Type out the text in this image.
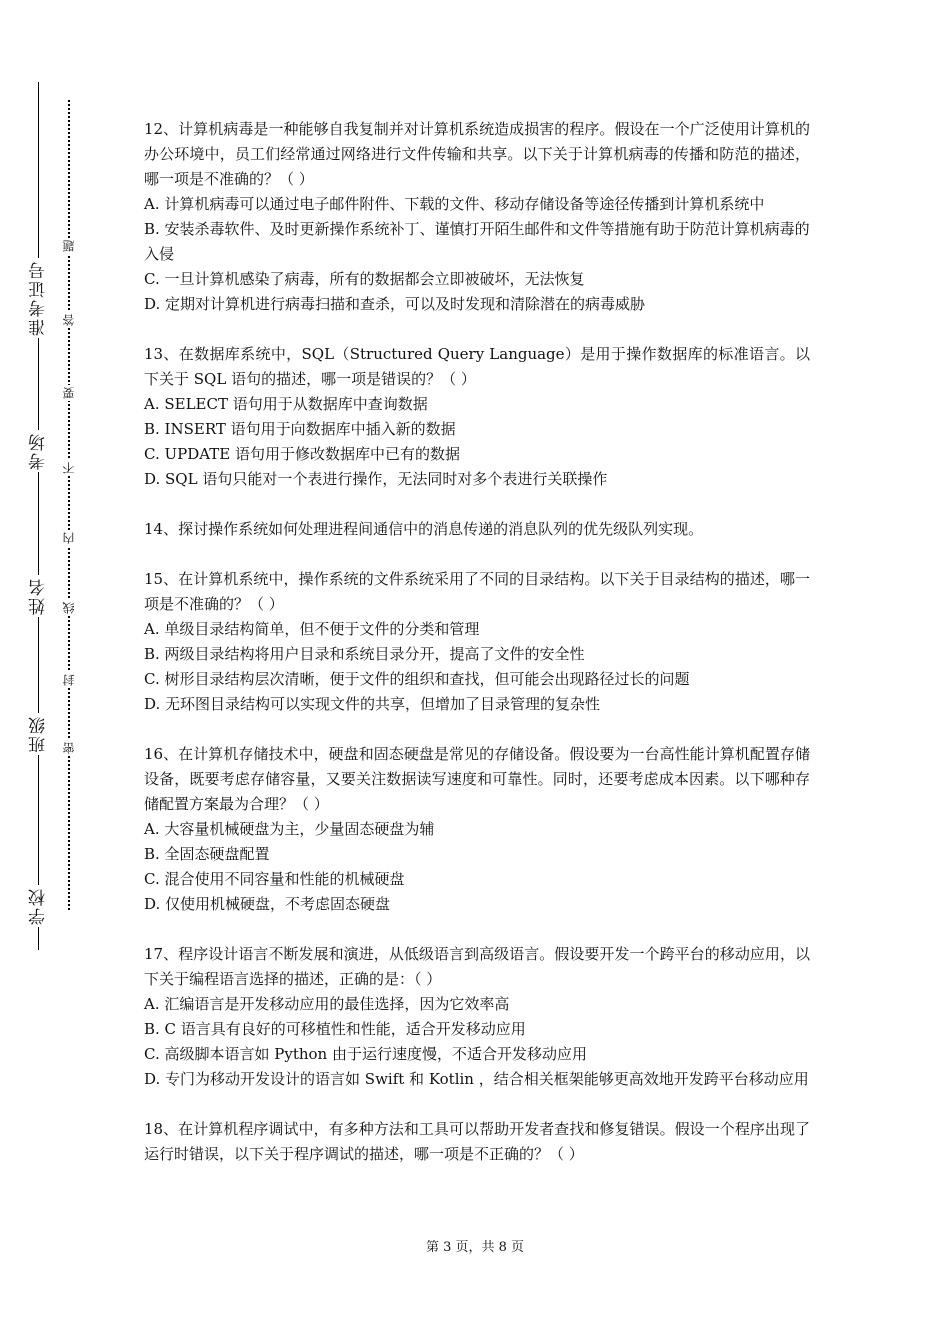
准考证号
考场
姓名
班级
学校
题
答
要
不
内
线
封
密

12、计算机病毒是一种能够自我复制并对计算机系统造成损害的程序。假设在一个广泛使用计算机的办公环境中，员工们经常通过网络进行文件传输和共享。以下关于计算机病毒的传播和防范的描述，哪一项是不准确的？（ ）

A. 计算机病毒可以通过电子邮件附件、下载的文件、移动存储设备等途径传播到计算机系统中

B. 安装杀毒软件、及时更新操作系统补丁、谨慎打开陌生邮件和文件等措施有助于防范计算机病毒的入侵

C. 一旦计算机感染了病毒，所有的数据都会立即被破坏，无法恢复

D. 定期对计算机进行病毒扫描和查杀，可以及时发现和清除潜在的病毒威胁

13、在数据库系统中，SQL（Structured Query Language）是用于操作数据库的标准语言。以下关于 SQL 语句的描述，哪一项是错误的？（ ）

A. SELECT 语句用于从数据库中查询数据

B. INSERT 语句用于向数据库中插入新的数据

C. UPDATE 语句用于修改数据库中已有的数据

D. SQL 语句只能对一个表进行操作，无法同时对多个表进行关联操作

14、探讨操作系统如何处理进程间通信中的消息传递的消息队列的优先级队列实现。

15、在计算机系统中，操作系统的文件系统采用了不同的目录结构。以下关于目录结构的描述，哪一项是不准确的？（ ）

A. 单级目录结构简单，但不便于文件的分类和管理

B. 两级目录结构将用户目录和系统目录分开，提高了文件的安全性

C. 树形目录结构层次清晰，便于文件的组织和查找，但可能会出现路径过长的问题

D. 无环图目录结构可以实现文件的共享，但增加了目录管理的复杂性

16、在计算机存储技术中，硬盘和固态硬盘是常见的存储设备。假设要为一台高性能计算机配置存储设备，既要考虑存储容量，又要关注数据读写速度和可靠性。同时，还要考虑成本因素。以下哪种存储配置方案最为合理？（ ）

A. 大容量机械硬盘为主，少量固态硬盘为辅

B. 全固态硬盘配置

C. 混合使用不同容量和性能的机械硬盘

D. 仅使用机械硬盘，不考虑固态硬盘

17、程序设计语言不断发展和演进，从低级语言到高级语言。假设要开发一个跨平台的移动应用，以下关于编程语言选择的描述，正确的是：（ ）

A. 汇编语言是开发移动应用的最佳选择，因为它效率高

B. C 语言具有良好的可移植性和性能，适合开发移动应用

C. 高级脚本语言如 Python 由于运行速度慢，不适合开发移动应用

D. 专门为移动开发设计的语言如 Swift 和 Kotlin ，结合相关框架能够更高效地开发跨平台移动应用

18、在计算机程序调试中，有多种方法和工具可以帮助开发者查找和修复错误。假设一个程序出现了运行时错误，以下关于程序调试的描述，哪一项是不正确的？（ ）

第 3 页，共 8 页
